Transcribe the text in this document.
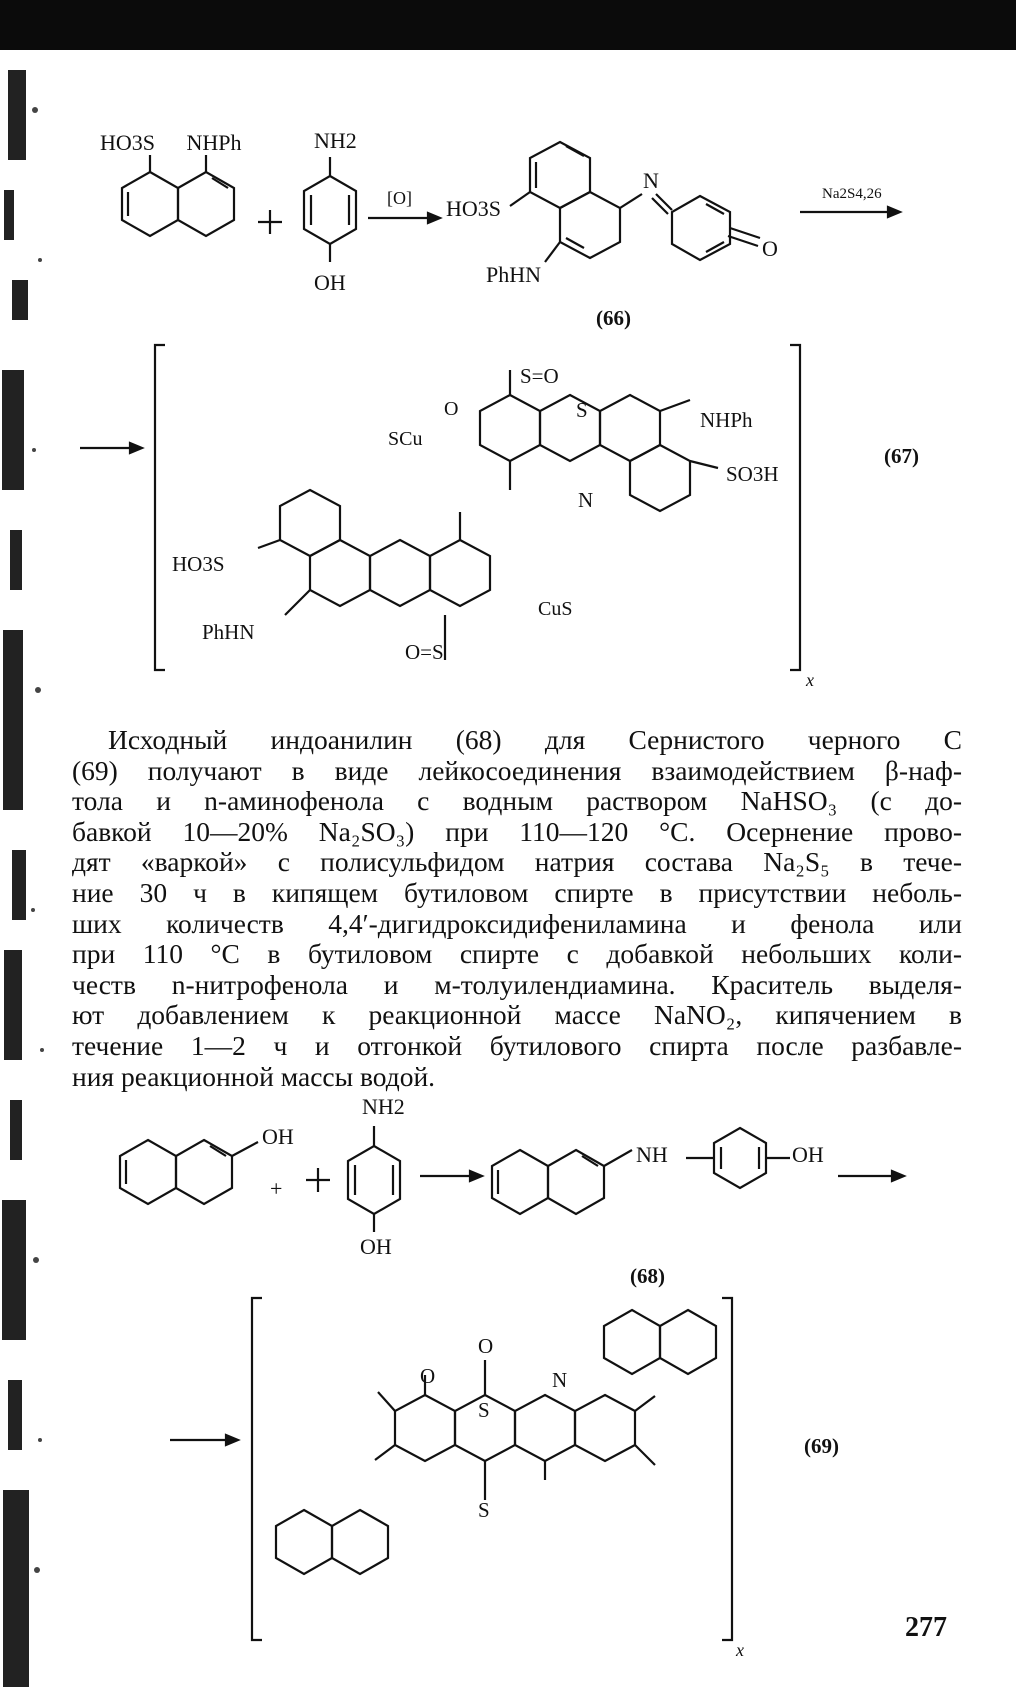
HO3S NHPh	NH2
OH
[O] HO3S
N
O
PhHN
Na2S4,26
(66)
(67)
x
S=O
S	NHPh
SCu
O
SO3H
N
HO3S
PhHN
CuS
O=S
Исходный индоанилин (68) для Сернистого черного С
(69) получают в виде лейкосоединения взаимодействием β-наф-
тола и n-аминофенола с водным раствором NaHSO₃ (с до-
бавкой 10—20% Na₂SO₃) при 110—120 °С. Осернение прово-
дят «варкой» с полисульфидом натрия состава Na₂S₅ в тече-
ние 30 ч в кипящем бутиловом спирте в присутствии неболь-
ших количеств 4,4′-дигидроксидифениламина и фенола или
при 110 °С в бутиловом спирте с добавкой небольших коли-
честв n-нитрофенола и м-толуилендиамина. Краситель выделя-
ют добавлением к реакционной массе NaNO₂, кипячением в
течение 1—2 ч и отгонкой бутилового спирта после разбавле-
ния реакционной массы водой.
OH
NH2
OH
+
NH	OH
(68)
(69)
x
O
S
N
O
S
277
